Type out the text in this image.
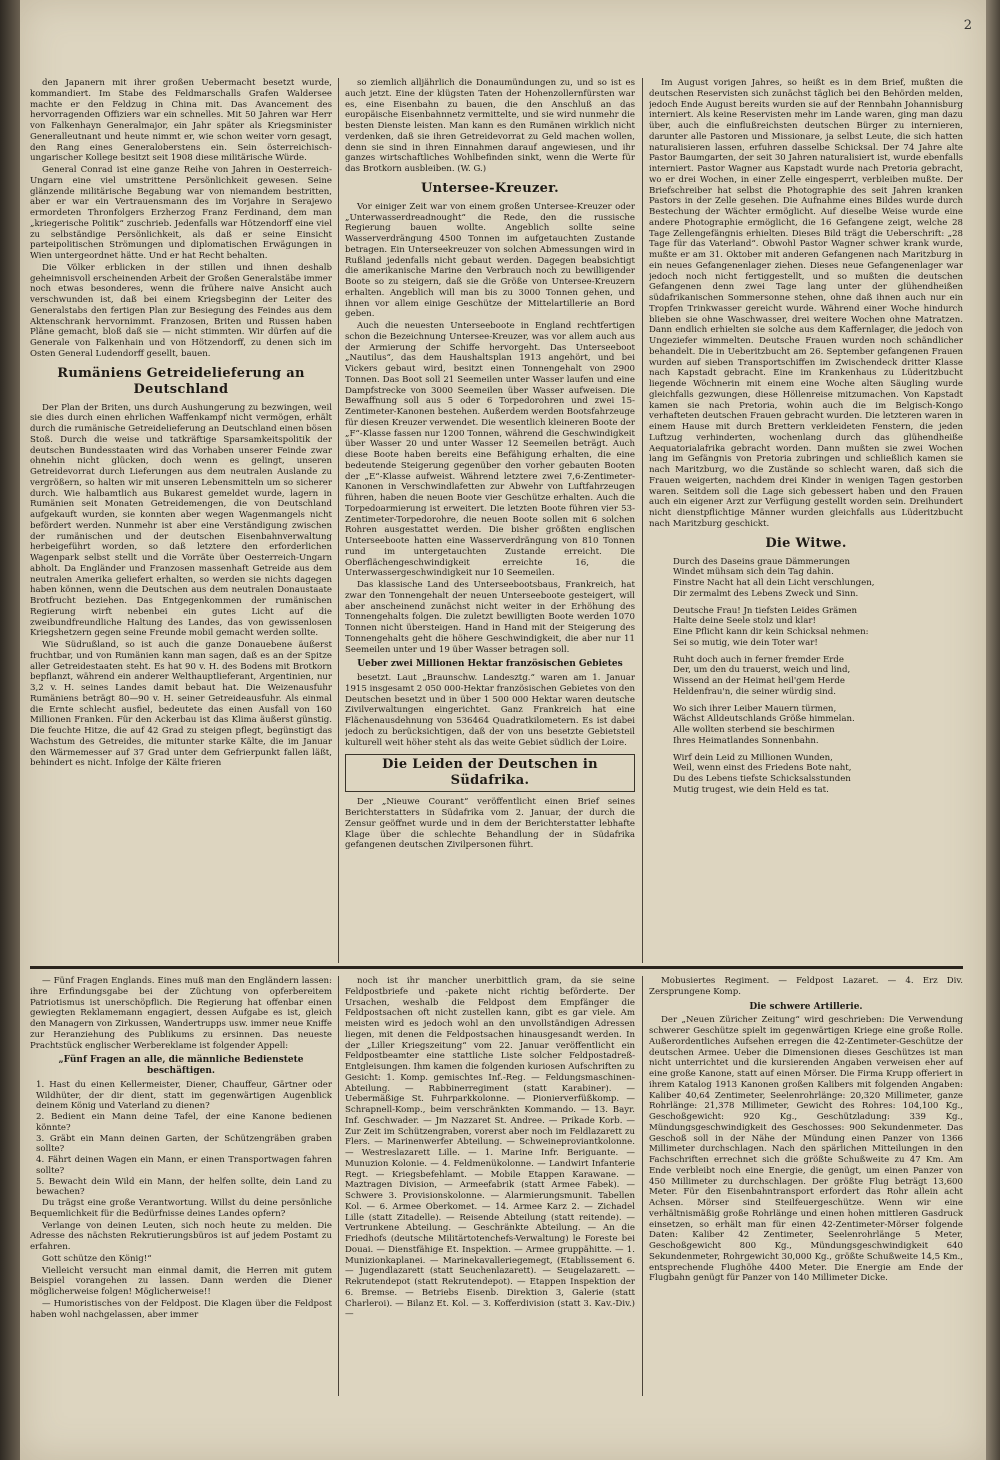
2

den Japanern mit ihrer großen Uebermacht besetzt wurde, kommandiert. Im Stabe des Feldmarschalls Grafen Waldersee machte er den Feldzug in China mit. Das Avancement des hervorragenden Offiziers war ein schnelles. Mit 50 Jahren war Herr von Falkenhayn Generalmajor, ein Jahr später als Kriegsminister Generalleutnant und heute nimmt er, wie schon weiter vorn gesagt, den Rang eines Generaloberstens ein. Sein österreichisch-ungarischer Kollege besitzt seit 1908 diese militärische Würde.

General Conrad ist eine ganze Reihe von Jahren in Oesterreich-Ungarn eine viel umstrittene Persönlichkeit gewesen. Seine glänzende militärische Begabung war von niemandem bestritten, aber er war ein Vertrauensmann des im Vorjahre in Serajewo ermordeten Thronfolgers Erzherzog Franz Ferdinand, dem man „kriegerische Politik“ zuschrieb. Jedenfalls war Hötzendorff eine viel zu selbständige Persönlichkeit, als daß er seine Einsicht parteipolitischen Strömungen und diplomatischen Erwägungen in Wien untergeordnet hätte. Und er hat Recht behalten.

Die Völker erblicken in der stillen und ihnen deshalb geheimnisvoll erscheinenden Arbeit der Großen Generalstäbe immer noch etwas besonderes, wenn die frühere naive Ansicht auch verschwunden ist, daß bei einem Kriegsbeginn der Leiter des Generalstabs den fertigen Plan zur Besiegung des Feindes aus dem Aktenschrank hervornimmt. Franzosen, Briten und Russen haben Pläne gemacht, bloß daß sie — nicht stimmten. Wir dürfen auf die Generale von Falkenhain und von Hötzendorff, zu denen sich im Osten General Ludendorff gesellt, bauen.

Rumäniens Getreidelieferung an Deutschland

Der Plan der Briten, uns durch Aushungerung zu bezwingen, weil sie dies durch einen ehrlichen Waffenkampf nicht vermögen, erhält durch die rumänische Getreidelieferung an Deutschland einen bösen Stoß. Durch die weise und tatkräftige Sparsamkeitspolitik der deutschen Bundesstaaten wird das Vorhaben unserer Feinde zwar ohnehin nicht glücken, doch wenn es gelingt, unseren Getreidevorrat durch Lieferungen aus dem neutralen Auslande zu vergrößern, so halten wir mit unseren Lebensmitteln um so sicherer durch. Wie halbamtlich aus Bukarest gemeldet wurde, lagern in Rumänien seit Monaten Getreidemengen, die von Deutschland aufgekauft wurden, sie konnten aber wegen Wagenmangels nicht befördert werden. Nunmehr ist aber eine Verständigung zwischen der rumänischen und der deutschen Eisenbahnverwaltung herbeigeführt worden, so daß letztere den erforderlichen Wagenpark selbst stellt und die Vorräte über Oesterreich-Ungarn abholt. Da Engländer und Franzosen massenhaft Getreide aus dem neutralen Amerika geliefert erhalten, so werden sie nichts dagegen haben können, wenn die Deutschen aus dem neutralen Donaustaate Brotfrucht beziehen. Das Entgegenkommen der rumänischen Regierung wirft nebenbei ein gutes Licht auf die zweibundfreundliche Haltung des Landes, das von gewissenlosen Kriegshetzern gegen seine Freunde mobil gemacht werden sollte.

Wie Südrußland, so ist auch die ganze Donauebene äußerst fruchtbar, und von Rumänien kann man sagen, daß es an der Spitze aller Getreidestaaten steht. Es hat 90 v. H. des Bodens mit Brotkorn bepflanzt, während ein anderer Welthauptlieferant, Argentinien, nur 3,2 v. H. seines Landes damit bebaut hat. Die Weizenausfuhr Rumäniens beträgt 80—90 v. H. seiner Getreideausfuhr. Als einmal die Ernte schlecht ausfiel, bedeutete das einen Ausfall von 160 Millionen Franken. Für den Ackerbau ist das Klima äußerst günstig. Die feuchte Hitze, die auf 42 Grad zu steigen pflegt, begünstigt das Wachstum des Getreides, die mitunter starke Kälte, die im Januar den Wärmemesser auf 37 Grad unter dem Gefrierpunkt fallen läßt, behindert es nicht. Infolge der Kälte frieren

so ziemlich alljährlich die Donaumündungen zu, und so ist es auch jetzt. Eine der klügsten Taten der Hohenzollernfürsten war es, eine Eisenbahn zu bauen, die den Anschluß an das europäische Eisenbahnnetz vermittelte, und sie wird nunmehr die besten Dienste leisten. Man kann es den Rumänen wirklich nicht verdenken, daß sie ihren Getreidevorrat zu Geld machen wollen, denn sie sind in ihren Einnahmen darauf angewiesen, und ihr ganzes wirtschaftliches Wohlbefinden sinkt, wenn die Werte für das Brotkorn ausbleiben. (W. G.)

Untersee-Kreuzer.

Vor einiger Zeit war von einem großen Untersee-Kreuzer oder „Unterwasserdreadnought“ die Rede, den die russische Regierung bauen wollte. Angeblich sollte seine Wasserverdrängung 4500 Tonnen im aufgetauchten Zustande betragen. Ein Unterseekreuzer von solchen Abmessungen wird in Rußland jedenfalls nicht gebaut werden. Dagegen beabsichtigt die amerikanische Marine den Verbrauch noch zu bewilligender Boote so zu steigern, daß sie die Größe von Untersee-Kreuzern erhalten. Angeblich will man bis zu 3000 Tonnen gehen, und ihnen vor allem einige Geschütze der Mittelartillerie an Bord geben.

Auch die neuesten Unterseeboote in England rechtfertigen schon die Bezeichnung Untersee-Kreuzer, was vor allem auch aus der Armierung der Schiffe hervorgeht. Das Unterseeboot „Nautilus“, das dem Haushaltsplan 1913 angehört, und bei Vickers gebaut wird, besitzt einen Tonnengehalt von 2900 Tonnen. Das Boot soll 21 Seemeilen unter Wasser laufen und eine Dampfstrecke von 3000 Seemeilen über Wasser aufweisen. Die Bewaffnung soll aus 5 oder 6 Torpedorohren und zwei 15-Zentimeter-Kanonen bestehen. Außerdem werden Bootsfahrzeuge für diesen Kreuzer verwendet. Die wesentlich kleineren Boote der „F“-Klasse fassen nur 1200 Tonnen, während die Geschwindigkeit über Wasser 20 und unter Wasser 12 Seemeilen beträgt. Auch diese Boote haben bereits eine Befähigung erhalten, die eine bedeutende Steigerung gegenüber den vorher gebauten Booten der „E“-Klasse aufweist. Während letztere zwei 7,6-Zentimeter-Kanonen in Verschwindlafetten zur Abwehr von Luftfahrzeugen führen, haben die neuen Boote vier Geschütze erhalten. Auch die Torpedoarmierung ist erweitert. Die letzten Boote führen vier 53-Zentimeter-Torpedorohre, die neuen Boote sollen mit 6 solchen Rohren ausgestattet werden. Die bisher größten englischen Unterseeboote hatten eine Wasserverdrängung von 810 Tonnen rund im untergetauchten Zustande erreicht. Die Oberflächengeschwindigkeit erreichte 16, die Unterwassergeschwindigkeit nur 10 Seemeilen.

Das klassische Land des Unterseebootsbaus, Frankreich, hat zwar den Tonnengehalt der neuen Unterseeboote gesteigert, will aber anscheinend zunächst nicht weiter in der Erhöhung des Tonnengehalts folgen. Die zuletzt bewilligten Boote werden 1070 Tonnen nicht übersteigen. Hand in Hand mit der Steigerung des Tonnengehalts geht die höhere Geschwindigkeit, die aber nur 11 Seemeilen unter und 19 über Wasser betragen soll.

Ueber zwei Millionen Hektar französischen Gebietes

besetzt. Laut „Braunschw. Landesztg.“ waren am 1. Januar 1915 insgesamt 2 050 000-Hektar französischen Gebietes von den Deutschen besetzt und in über 1 500 000 Hektar waren deutsche Zivilverwaltungen eingerichtet. Ganz Frankreich hat eine Flächenausdehnung von 536464 Quadratkilometern. Es ist dabei jedoch zu berücksichtigen, daß der von uns besetzte Gebietsteil kulturell weit höher steht als das weite Gebiet südlich der Loire.

Die Leiden der Deutschen in Südafrika.

Der „Nieuwe Courant“ veröffentlicht einen Brief seines Berichterstatters in Südafrika vom 2. Januar, der durch die Zensur geöffnet wurde und in dem der Berichterstatter lebhafte Klage über die schlechte Behandlung der in Südafrika gefangenen deutschen Zivilpersonen führt.

Im August vorigen Jahres, so heißt es in dem Brief, mußten die deutschen Reservisten sich zunächst täglich bei den Behörden melden, jedoch Ende August bereits wurden sie auf der Rennbahn Johannisburg interniert. Als keine Reservisten mehr im Lande waren, ging man dazu über, auch die einflußreichsten deutschen Bürger zu internieren, darunter alle Pastoren und Missionare, ja selbst Leute, die sich hatten naturalisieren lassen, erfuhren dasselbe Schicksal. Der 74 Jahre alte Pastor Baumgarten, der seit 30 Jahren naturalisiert ist, wurde ebenfalls interniert. Pastor Wagner aus Kapstadt wurde nach Pretoria gebracht, wo er drei Wochen, in einer Zelle eingesperrt, verbleiben mußte. Der Briefschreiber hat selbst die Photographie des seit Jahren kranken Pastors in der Zelle gesehen. Die Aufnahme eines Bildes wurde durch Bestechung der Wächter ermöglicht. Auf dieselbe Weise wurde eine andere Photographie ermöglicht, die 16 Gefangene zeigt, welche 28 Tage Zellengefängnis erhielten. Dieses Bild trägt die Ueberschrift: „28 Tage für das Vaterland“. Obwohl Pastor Wagner schwer krank wurde, mußte er am 31. Oktober mit anderen Gefangenen nach Maritzburg in ein neues Gefangenenlager ziehen. Dieses neue Gefangenenlager war jedoch noch nicht fertiggestellt, und so mußten die deutschen Gefangenen denn zwei Tage lang unter der glühendheißen südafrikanischen Sommersonne stehen, ohne daß ihnen auch nur ein Tropfen Trinkwasser gereicht wurde. Während einer Woche hindurch blieben sie ohne Waschwasser, drei weitere Wochen ohne Matratzen. Dann endlich erhielten sie solche aus dem Kaffernlager, die jedoch von Ungeziefer wimmelten. Deutsche Frauen wurden noch schändlicher behandelt. Die in Ueberitzbucht am 26. September gefangenen Frauen wurden auf sieben Transportschiffen im Zwischendeck dritter Klasse nach Kapstadt gebracht. Eine im Krankenhaus zu Lüderitzbucht liegende Wöchnerin mit einem eine Woche alten Säugling wurde gleichfalls gezwungen, diese Höllenreise mitzumachen. Von Kapstadt kamen sie nach Pretoria, wohin auch die im Belgisch-Kongo verhafteten deutschen Frauen gebracht wurden. Die letzteren waren in einem Hause mit durch Brettern verkleideten Fenstern, die jeden Luftzug verhinderten, wochenlang durch das glühendheiße Aequatorialafrika gebracht worden. Dann mußten sie zwei Wochen lang im Gefängnis von Pretoria zubringen und schließlich kamen sie nach Maritzburg, wo die Zustände so schlecht waren, daß sich die Frauen weigerten, nachdem drei Kinder in wenigen Tagen gestorben waren. Seitdem soll die Lage sich gebessert haben und den Frauen auch ein eigener Arzt zur Verfügung gestellt worden sein. Dreihundert nicht dienstpflichtige Männer wurden gleichfalls aus Lüderitzbucht nach Maritzburg geschickt.

Die Witwe.
Durch des Daseins graue Dämmerungen
Windet mühsam sich dein Tag dahin.
Finstre Nacht hat all dein Licht verschlungen,
Dir zermalmt des Lebens Zweck und Sinn.
Deutsche Frau! Jn tiefsten Leides Grämen
Halte deine Seele stolz und klar!
Eine Pflicht kann dir kein Schicksal nehmen:
Sei so mutig, wie dein Toter war!
Ruht doch auch in ferner fremder Erde
Der, um den du trauerst, weich und lind,
Wissend an der Heimat heil'gem Herde
Heldenfrau'n, die seiner würdig sind.
Wo sich ihrer Leiber Mauern türmen,
Wächst Alldeutschlands Größe himmelan.
Alle wollten sterbend sie beschirmen
Ihres Heimatlandes Sonnenbahn.
Wirf dein Leid zu Millionen Wunden,
Weil, wenn einst des Friedens Bote naht,
Du des Lebens tiefste Schicksalsstunden
Mutig trugest, wie dein Held es tat.

— Fünf Fragen Englands. Eines muß man den Engländern lassen: ihre Erfindungsgabe bei der Züchtung von opferbereitem Patriotismus ist unerschöpflich. Die Regierung hat offenbar einen gewiegten Reklamemann engagiert, dessen Aufgabe es ist, gleich den Managern von Zirkussen, Wandertrupps usw. immer neue Kniffe zur Heranziehung des Publikums zu ersinnen. Das neueste Prachtstück englischer Werbereklame ist folgender Appell:

„Fünf Fragen an alle, die männliche Bedienstete beschäftigen.
1. Hast du einen Kellermeister, Diener, Chauffeur, Gärtner oder Wildhüter, der dir dient, statt im gegenwärtigen Augenblick deinem König und Vaterland zu dienen?
2. Bedient ein Mann deine Tafel, der eine Kanone bedienen könnte?
3. Gräbt ein Mann deinen Garten, der Schützengräben graben sollte?
4. Fährt deinen Wagen ein Mann, er einen Transportwagen fahren sollte?
5. Bewacht dein Wild ein Mann, der helfen sollte, dein Land zu bewachen?

Du trägst eine große Verantwortung. Willst du deine persönliche Bequemlichkeit für die Bedürfnisse deines Landes opfern?

Verlange von deinen Leuten, sich noch heute zu melden. Die Adresse des nächsten Rekrutierungsbüros ist auf jedem Postamt zu erfahren.

Gott schütze den König!“

Vielleicht versucht man einmal damit, die Herren mit gutem Beispiel vorangehen zu lassen. Dann werden die Diener möglicherweise folgen! Möglicherweise!!

— Humoristisches von der Feldpost. Die Klagen über die Feldpost haben wohl nachgelassen, aber immer

noch ist ihr mancher unerbittlich gram, da sie seine Feldpostbriefe und -pakete nicht richtig beförderte. Der Ursachen, weshalb die Feldpost dem Empfänger die Feldpostsachen oft nicht zustellen kann, gibt es gar viele. Am meisten wird es jedoch wohl an den unvollständigen Adressen liegen, mit denen die Feldpostsachen hinausgesandt werden. In der „Liller Kriegszeitung“ vom 22. Januar veröffentlicht ein Feldpostbeamter eine stattliche Liste solcher Feldpostadreß-Entgleisungen. Ihm kamen die folgenden kuriosen Aufschriften zu Gesicht: 1. Komp. gemischtes Inf.-Reg. — Feldungsmaschinen-Abteilung. — Rabbinerregiment (statt Karabiner). — Uebermäßige St. Fuhrparkkolonne. — Pionierverfüßkomp. — Schrapnell-Komp., beim verschränkten Kommando. — 13. Bayr. Inf. Geschwader. — Jm Nazzaret St. Andree. — Prikade Korb. — Zur Zeit im Schützengraben, vorerst aber noch im Feldlazarett zu Flers. — Marinenwerfer Abteilung. — Schweineproviantkolonne. — Westreslazarett Lille. — 1. Marine Infr. Beriguante. — Munuzion Kolonie. — 4. Feldmenükolonne. — Landwirt Infanterie Regt. — Kriegsbefehlamt. — Mobile Etappen Karawane. — Maztragen Division, — Armeefabrik (statt Armee Fabek). — Schwere 3. Provisionskolonne. — Alarmierungsmunit. Tabellen Kol. — 6. Armee Oberkomet. — 14. Armee Karz 2. — Zichadel Lille (statt Zitadelle). — Reisende Abteilung (statt reitende). — Vertrunkene Abteilung. — Geschränkte Abteilung. — An die Friedhofs (deutsche Militärtotenchefs-Verwaltung) le Foreste bei Douai. — Dienstfähige Et. Inspektion. — Armee gruppähitte. — 1. Munizionkaplanei. — Marinekavalleriegemegt, (Etablissement 6. — Jugendlazarett (statt Seuchenlazarett). — Seugelazarett. — Rekrutendepot (statt Rekrutendepot). — Etappen Inspektion der 6. Bremse. — Betriebs Eisenb. Direktion 3, Galerie (statt Charleroi). — Bilanz Et. Kol. — 3. Kofferdivision (statt 3. Kav.-Div.) —

Mobusiertes Regiment. — Feldpost Lazaret. — 4. Erz Div. Zersprungene Komp.

Die schwere Artillerie.

Der „Neuen Züricher Zeitung“ wird geschrieben: Die Verwendung schwerer Geschütze spielt im gegenwärtigen Kriege eine große Rolle. Außerordentliches Aufsehen erregen die 42-Zentimeter-Geschütze der deutschen Armee. Ueber die Dimensionen dieses Geschützes ist man nicht unterrichtet und die kursierenden Angaben verweisen eher auf eine große Kanone, statt auf einen Mörser. Die Firma Krupp offeriert in ihrem Katalog 1913 Kanonen großen Kalibers mit folgenden Angaben: Kaliber 40,64 Zentimeter, Seelenrohrlänge: 20,320 Millimeter, ganze Rohrlänge: 21,378 Millimeter, Gewicht des Rohres: 104,100 Kg., Geschoßgewicht: 920 Kg., Geschützladung: 339 Kg., Mündungsgeschwindigkeit des Geschosses: 900 Sekundenmeter. Das Geschoß soll in der Nähe der Mündung einen Panzer von 1366 Millimeter durchschlagen. Nach den spärlichen Mitteilungen in den Fachschriften errechnet sich die größte Schußweite zu 47 Km. Am Ende verbleibt noch eine Energie, die genügt, um einen Panzer von 450 Millimeter zu durchschlagen. Der größte Flug beträgt 13,600 Meter. Für den Eisenbahntransport erfordert das Rohr allein acht Achsen. Mörser sind Steilfeuergeschütze. Wenn wir eine verhältnismäßig große Rohrlänge und einen hohen mittleren Gasdruck einsetzen, so erhält man für einen 42-Zentimeter-Mörser folgende Daten: Kaliber 42 Zentimeter, Seelenrohrlänge 5 Meter, Geschoßgewicht 800 Kg., Mündungsgeschwindigkeit 640 Sekundenmeter, Rohrgewicht 30,000 Kg., größte Schußweite 14,5 Km., entsprechende Flughöhe 4400 Meter. Die Energie am Ende der Flugbahn genügt für Panzer von 140 Millimeter Dicke.
